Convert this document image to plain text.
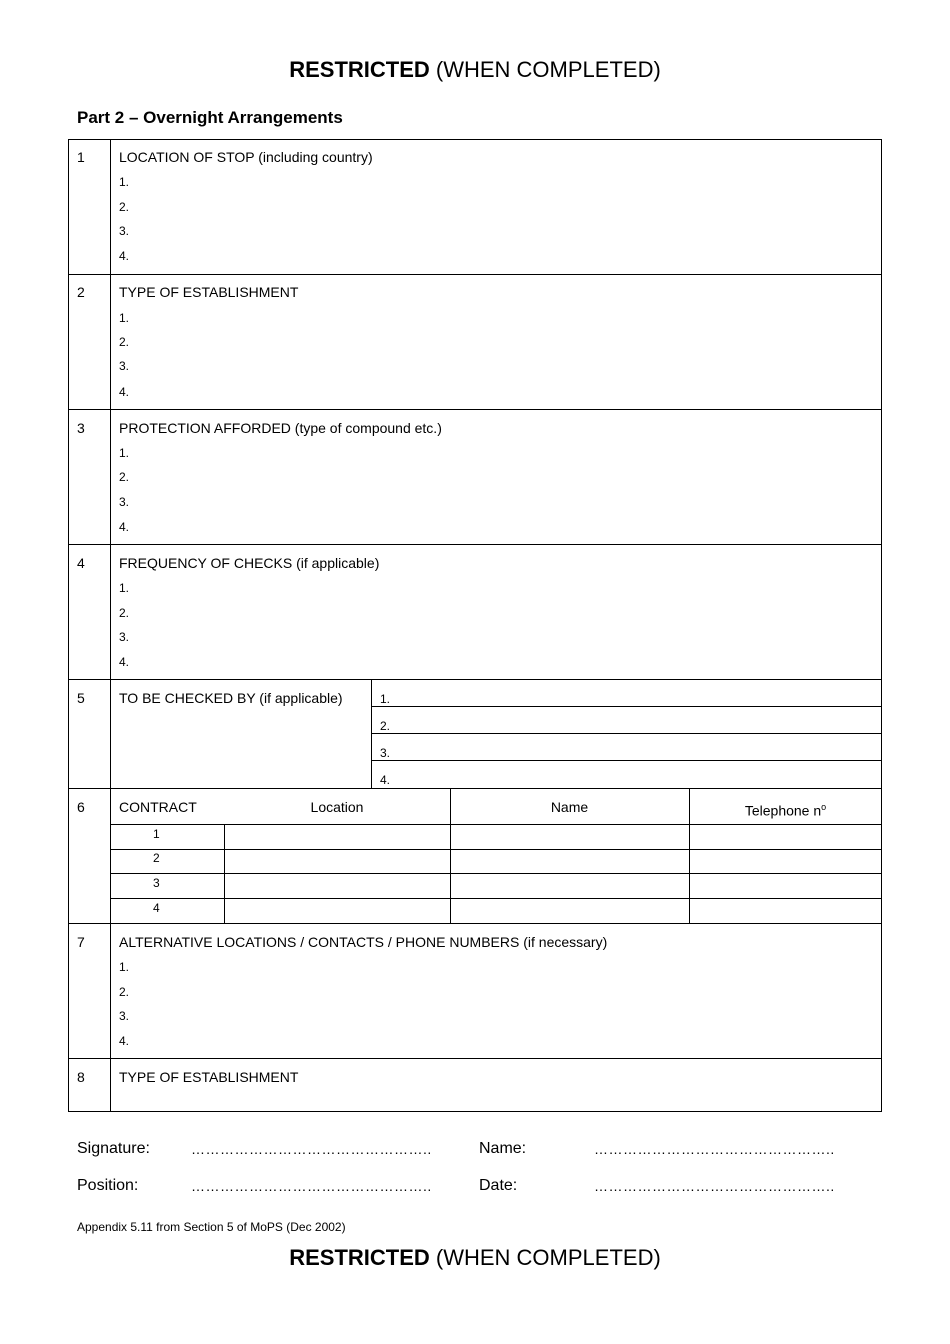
RESTRICTED (WHEN COMPLETED)
Part 2 – Overnight Arrangements
1 LOCATION OF STOP (including country)
1.
2.
3.
4.
2 TYPE OF ESTABLISHMENT
1.
2.
3.
4.
3 PROTECTION AFFORDED (type of compound etc.)
1.
2.
3.
4.
4 FREQUENCY OF CHECKS (if applicable)
1.
2.
3.
4.
5 TO BE CHECKED BY (if applicable)	1.
2.
3.
4.
6 CONTRACT	Location	Name	Telephone $n^o$
1
2
3
4
7 ALTERNATIVE LOCATIONS / CONTACTS / PHONE NUMBERS (if necessary)
1.
2.
3.
4.
8 TYPE OF ESTABLISHMENT
Signature:	…………………………………………..	Name:	…………………………………………..
Position:	…………………………………………..	Date:	…………………………………………..
Appendix 5.11 from Section 5 of MoPS (Dec 2002)
RESTRICTED (WHEN COMPLETED)
